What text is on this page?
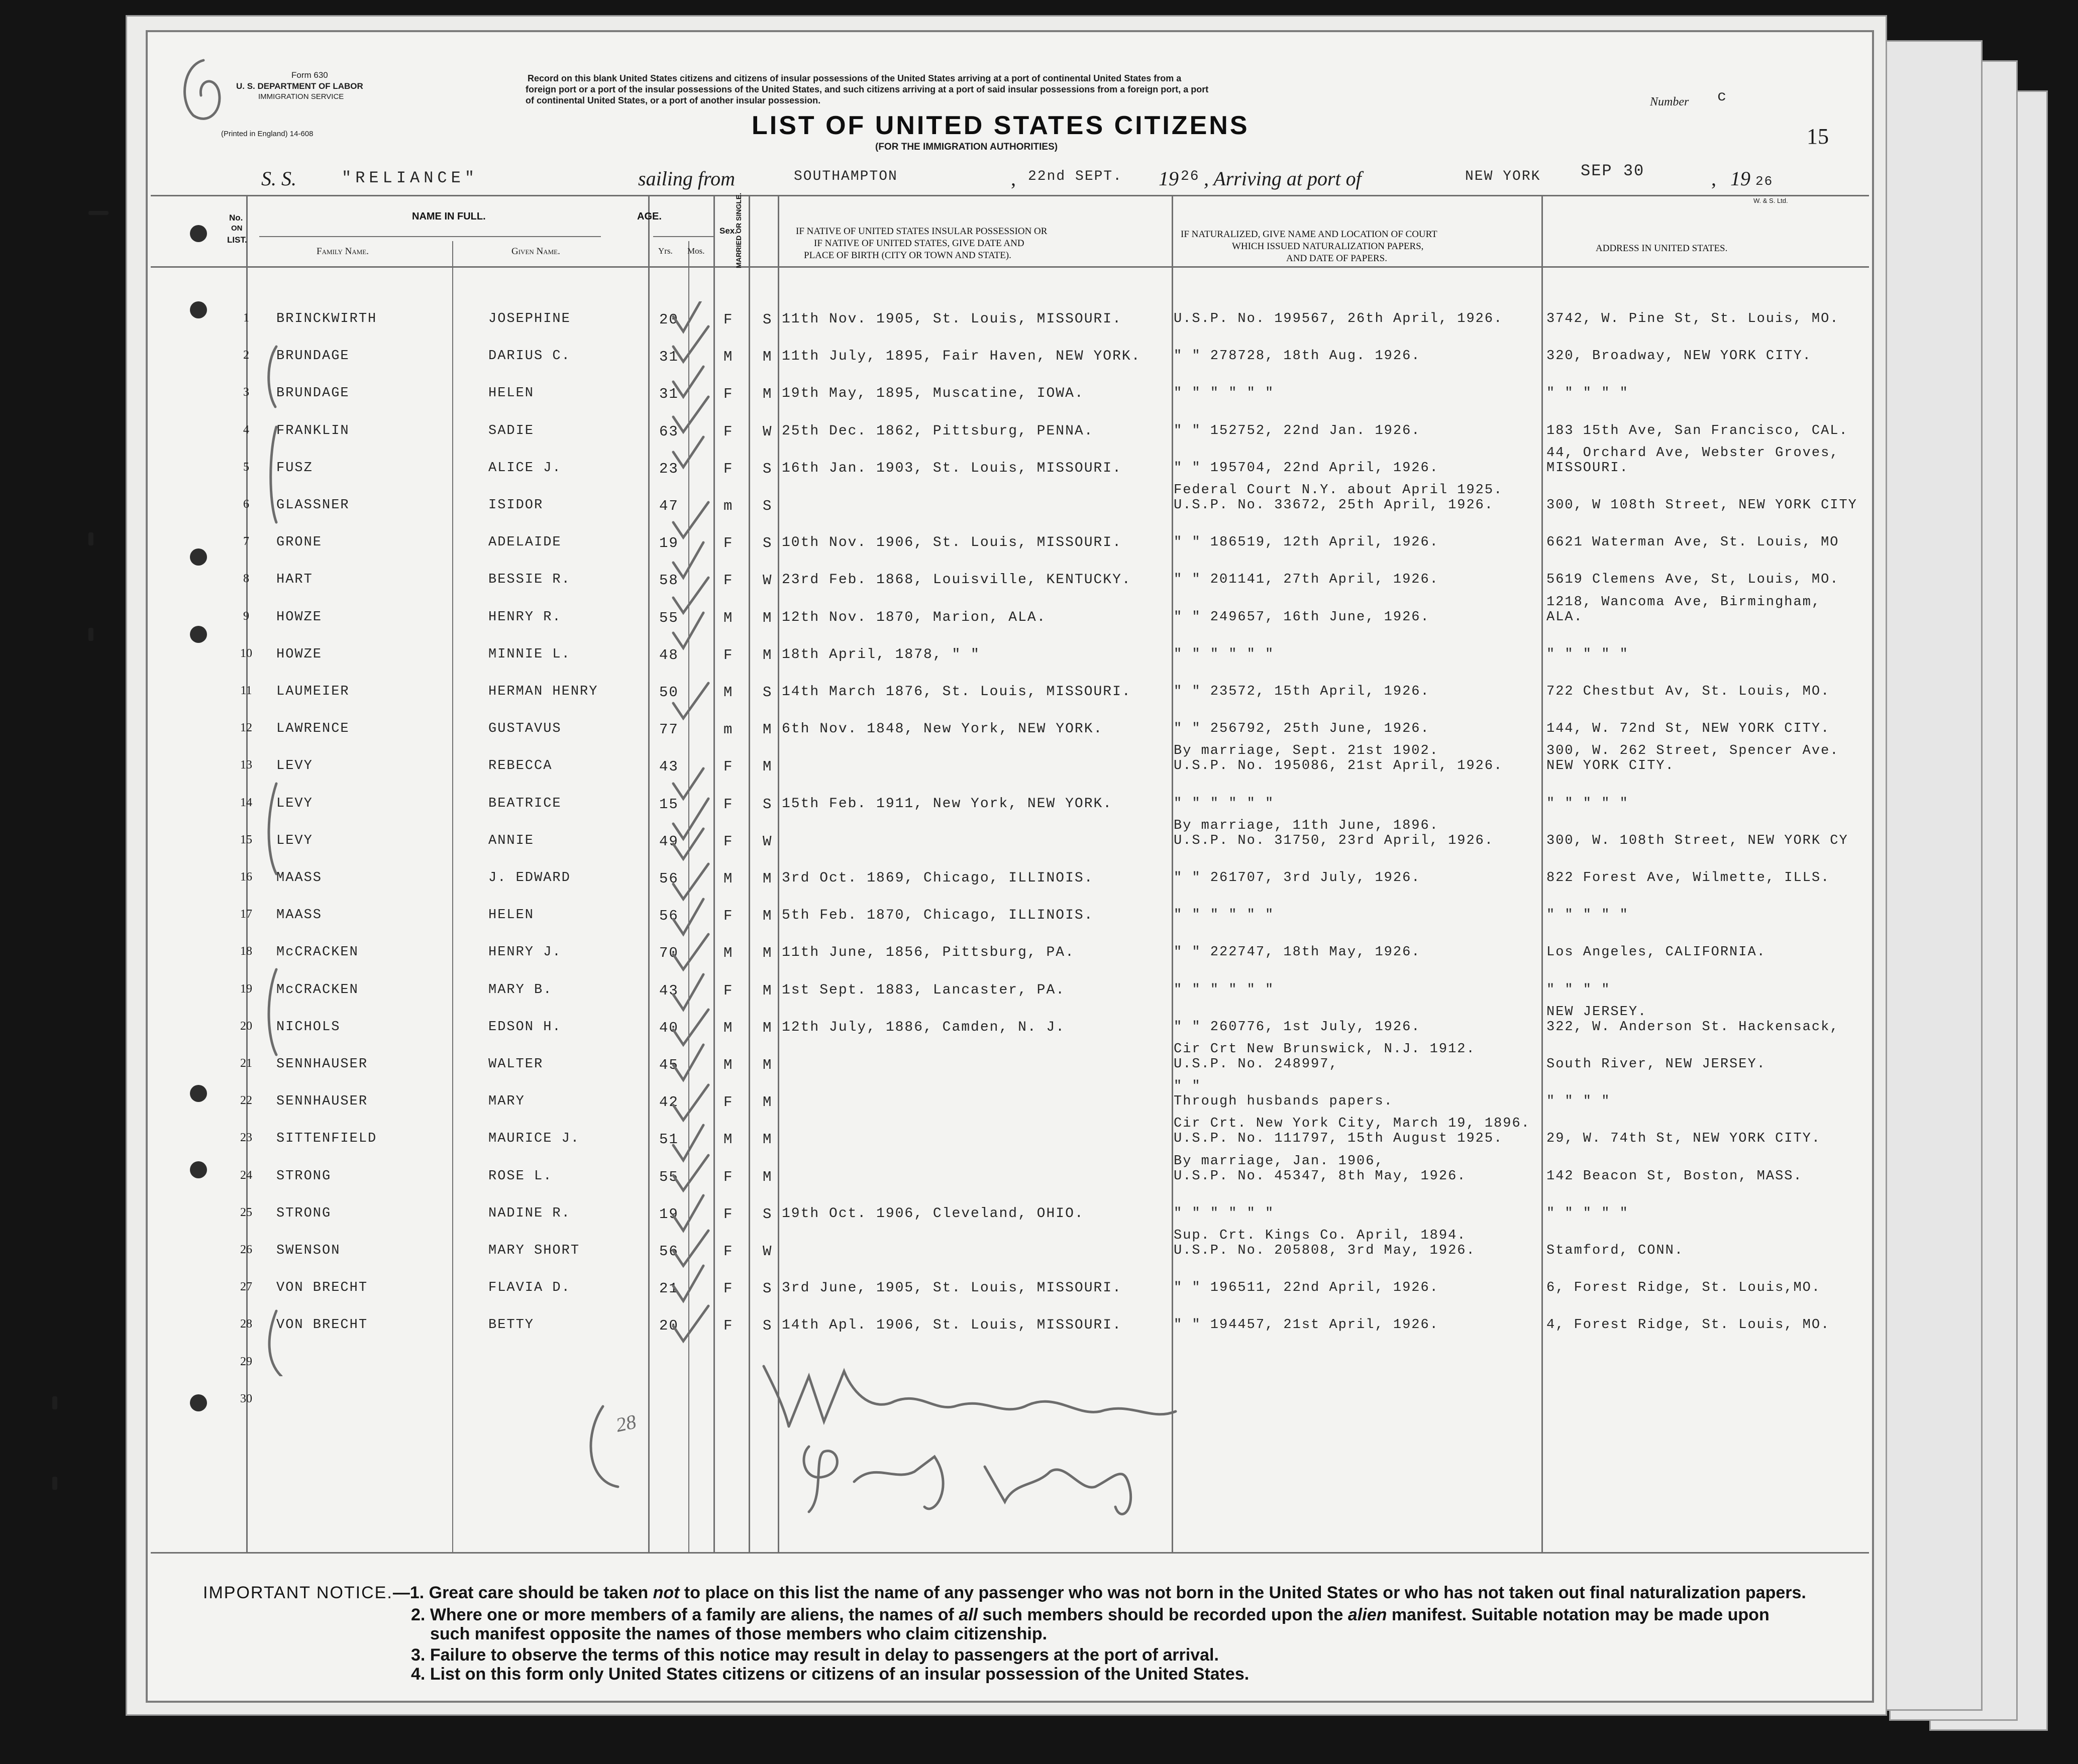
Form 630
U. S. DEPARTMENT OF LABOR
IMMIGRATION SERVICE
(Printed in England) 14-608
Record on this blank United States citizens and citizens of insular possessions of the United States arriving at a port of continental United States from a
foreign port or a port of the insular possessions of the United States, and such citizens arriving at a port of said insular possessions from a foreign port, a port
of continental United States, or a port of another insular possession.
LIST OF UNITED STATES CITIZENS
(FOR THE IMMIGRATION AUTHORITIES)
Number c
15
W. & S. Ltd.
S. S.	"RELIANCE"	sailing from	SOUTHAMPTON	, 22nd SEPT. 19 26 , Arriving at port of	NEW YORK SEP 30	, 19 26
No.
ON
LIST.
NAME IN FULL.
Family Name.	Given Name.
AGE.
Yrs. Mos.
Sex.
MARRIED OR SINGLE.	IF NATIVE OF UNITED STATES INSULAR POSSESSION OR
IF NATIVE OF UNITED STATES, GIVE DATE AND
PLACE OF BIRTH (CITY OR TOWN AND STATE).
IF NATURALIZED, GIVE NAME AND LOCATION OF COURT
WHICH ISSUED NATURALIZATION PAPERS,
AND DATE OF PAPERS.
ADDRESS IN UNITED STATES.
1	BRINCKWIRTH	JOSEPHINE	20	F S 11th Nov. 1905, St. Louis, MISSOURI.	U.S.P. No. 199567, 26th April, 1926.	3742, W. Pine St, St. Louis, MO.
2	BRUNDAGE	DARIUS C.	31	M M 11th July, 1895, Fair Haven, NEW YORK. " " 278728, 18th Aug. 1926.	320, Broadway, NEW YORK CITY.
3	BRUNDAGE	HELEN	31	F M 19th May, 1895, Muscatine, IOWA.	" " " " " "	" " " " "
4	FRANKLIN	SADIE	63	F W 25th Dec. 1862, Pittsburg, PENNA.	" " 152752, 22nd Jan. 1926.	183 15th Ave, San Francisco, CAL.
5	FUSZ	ALICE J.	23	F S 16th Jan. 1903, St. Louis, MISSOURI.	" " 195704, 22nd April, 1926.
44, Orchard Ave, Webster Groves,
MISSOURI.
6	GLASSNER	ISIDOR	47	m S
Federal Court N.Y. about April 1925.
U.S.P. No. 33672, 25th April, 1926.	300, W 108th Street, NEW YORK CITY
7	GRONE	ADELAIDE	19	F S 10th Nov. 1906, St. Louis, MISSOURI.	" " 186519, 12th April, 1926.	6621 Waterman Ave, St. Louis, MO
8	HART	BESSIE R.	58	F W 23rd Feb. 1868, Louisville, KENTUCKY.	" " 201141, 27th April, 1926.	5619 Clemens Ave, St, Louis, MO.
9	HOWZE	HENRY R.	55	M M 12th Nov. 1870, Marion, ALA.	" " 249657, 16th June, 1926.
1218, Wancoma Ave, Birmingham,
ALA.
10 HOWZE	MINNIE L.	48	F M 18th April, 1878, " "	" " " " " "	" " " " "
11	LAUMEIER	HERMAN HENRY	50	M S 14th March 1876, St. Louis, MISSOURI.	" " 23572, 15th April, 1926.	722 Chestbut Av, St. Louis, MO.
12 LAWRENCE	GUSTAVUS	77	m M 6th Nov. 1848, New York, NEW YORK.	" " 256792, 25th June, 1926.	144, W. 72nd St, NEW YORK CITY.
13 LEVY	REBECCA	43	F M
By marriage, Sept. 21st 1902.
U.S.P. No. 195086, 21st April, 1926.
300, W. 262 Street, Spencer Ave.
NEW YORK CITY.
14 LEVY	BEATRICE	15	F S 15th Feb. 1911, New York, NEW YORK.	" " " " " "	" " " " "
15 LEVY	ANNIE	49	F W
By marriage, 11th June, 1896.
U.S.P. No. 31750, 23rd April, 1926.	300, W. 108th Street, NEW YORK CY
16 MAASS	J. EDWARD	56	M M 3rd Oct. 1869, Chicago, ILLINOIS.	" " 261707, 3rd July, 1926.	822 Forest Ave, Wilmette, ILLS.
17 MAASS	HELEN	56	F M 5th Feb. 1870, Chicago, ILLINOIS.	" " " " " "	" " " " "
18 McCRACKEN	HENRY J.	70	M M 11th June, 1856, Pittsburg, PA.	" " 222747, 18th May, 1926.	Los Angeles, CALIFORNIA.
19 McCRACKEN	MARY B.	43	F M 1st Sept. 1883, Lancaster, PA.	" " " " " "	" " " "
20 NICHOLS	EDSON H.	40	M M 12th July, 1886, Camden, N. J.	" " 260776, 1st July, 1926.
NEW JERSEY.
322, W. Anderson St. Hackensack,
21 SENNHAUSER	WALTER	45	M M
Cir Crt New Brunswick, N.J. 1912.
U.S.P. No. 248997,	South River, NEW JERSEY.
22 SENNHAUSER	MARY	42	F M
" "
Through husbands papers.	" " " "
23 SITTENFIELD	MAURICE J.	51	M M
Cir Crt. New York City, March 19, 1896.
U.S.P. No. 111797, 15th August 1925.	29, W. 74th St, NEW YORK CITY.
24 STRONG	ROSE L.	55	F M
By marriage, Jan. 1906,
U.S.P. No. 45347, 8th May, 1926.	142 Beacon St, Boston, MASS.
25 STRONG	NADINE R.	19	F S 19th Oct. 1906, Cleveland, OHIO.	" " " " " "	" " " " "
26 SWENSON	MARY SHORT	56	F W
Sup. Crt. Kings Co. April, 1894.
U.S.P. No. 205808, 3rd May, 1926.	Stamford, CONN.
27 VON BRECHT	FLAVIA D.	21	F S 3rd June, 1905, St. Louis, MISSOURI.	" " 196511, 22nd April, 1926.	6, Forest Ridge, St. Louis,MO.
28 VON BRECHT	BETTY	20	F S 14th Apl. 1906, St. Louis, MISSOURI.	" " 194457, 21st April, 1926.	4, Forest Ridge, St. Louis, MO.
29
30
28
IMPORTANT NOTICE.—1. Great care should be taken not to place on this list the name of any passenger who was not born in the United States or who has not taken out final naturalization papers.
2. Where one or more members of a family are aliens, the names of all such members should be recorded upon the alien manifest. Suitable notation may be made upon
such manifest opposite the names of those members who claim citizenship.
3. Failure to observe the terms of this notice may result in delay to passengers at the port of arrival.
4. List on this form only United States citizens or citizens of an insular possession of the United States.
